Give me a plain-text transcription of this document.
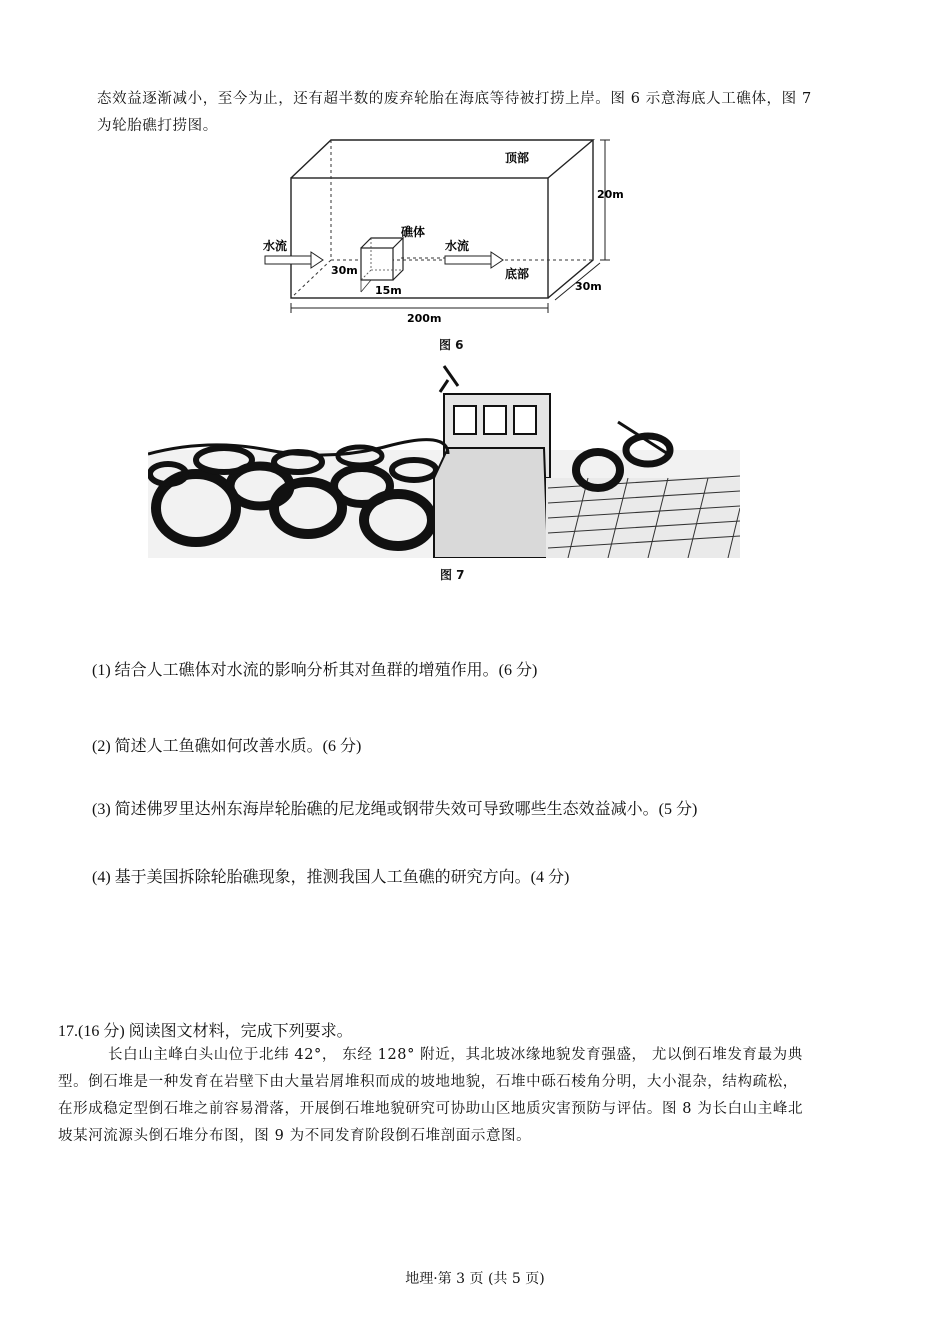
态效益逐渐减小，至今为止，还有超半数的废弃轮胎在海底等待被打捞上岸。图 6 示意海底人工礁体，图 7
为轮胎礁打捞图。
顶部
底部
礁体
水流	水流
20m
30m
200m
30m
15m
图 6
图 7
(1) 结合人工礁体对水流的影响分析其对鱼群的增殖作用。(6 分)
(2) 简述人工鱼礁如何改善水质。(6 分)
(3) 简述佛罗里达州东海岸轮胎礁的尼龙绳或钢带失效可导致哪些生态效益减小。(5 分)
(4) 基于美国拆除轮胎礁现象，推测我国人工鱼礁的研究方向。(4 分)
17.(16 分) 阅读图文材料，完成下列要求。
长白山主峰白头山位于北纬 42°， 东经 128° 附近，其北坡冰缘地貌发育强盛， 尤以倒石堆发育最为典
型。倒石堆是一种发育在岩壁下由大量岩屑堆积而成的坡地地貌，石堆中砾石棱角分明，大小混杂，结构疏松，
在形成稳定型倒石堆之前容易滑落，开展倒石堆地貌研究可协助山区地质灾害预防与评估。图 8 为长白山主峰北
坡某河流源头倒石堆分布图，图 9 为不同发育阶段倒石堆剖面示意图。
地理·第 3 页 (共 5 页)
